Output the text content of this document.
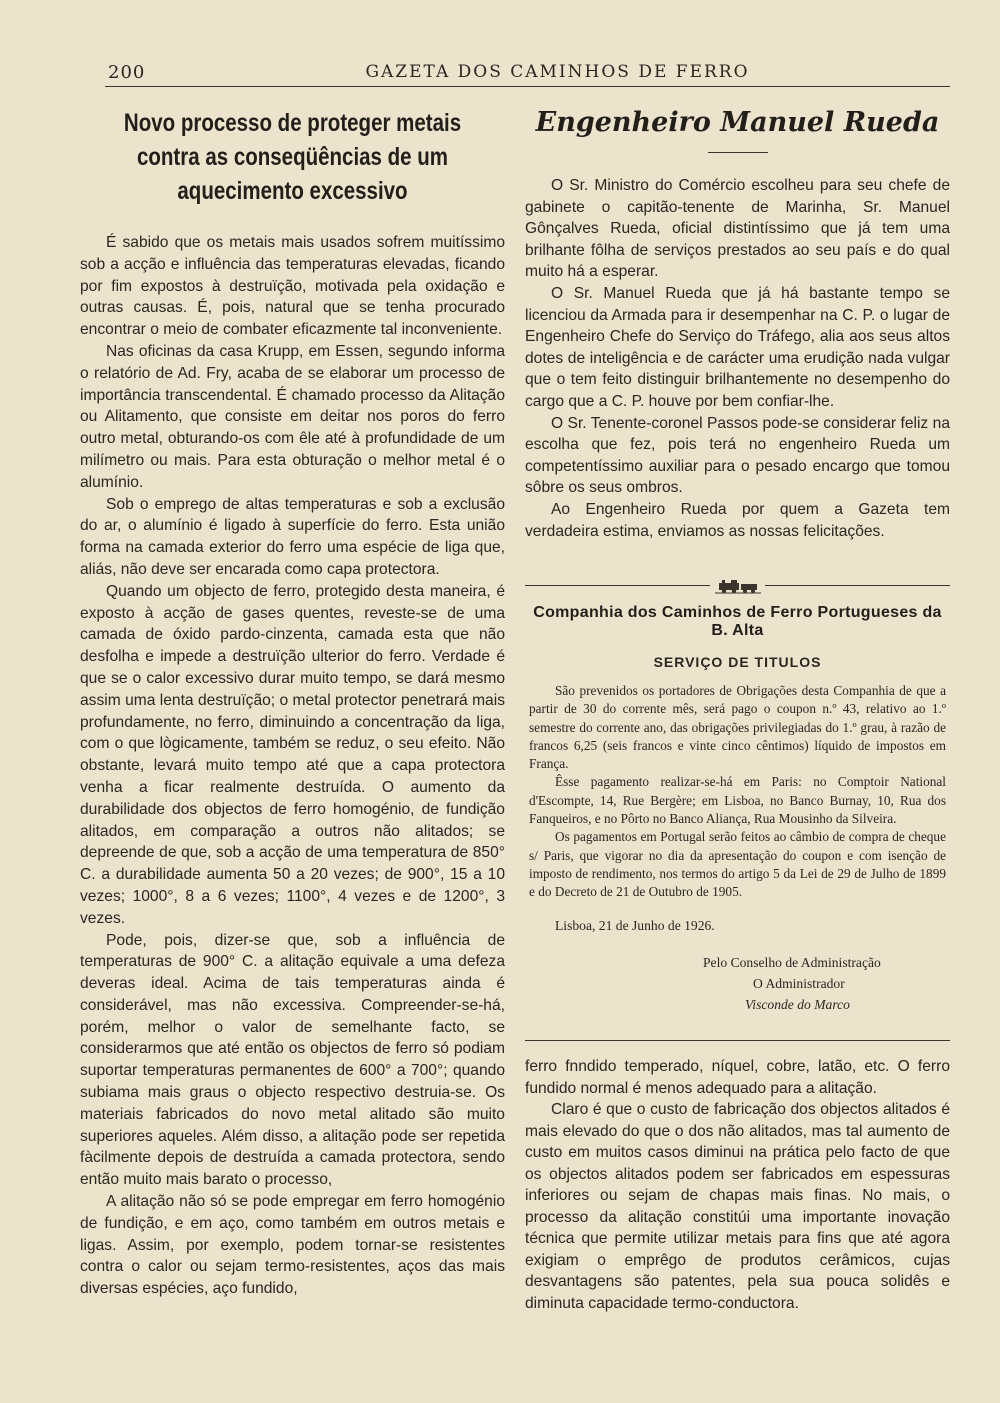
200	GAZETA DOS CAMINHOS DE FERRO
Novo processo de proteger metais contra as conseqüências de um aquecimento excessivo

É sabido que os metais mais usados sofrem muitíssimo sob a acção e influência das temperaturas elevadas, ficando por fim expostos à destruïção, motivada pela oxidação e outras causas. É, pois, natural que se tenha procurado encontrar o meio de combater eficazmente tal inconveniente.

Nas oficinas da casa Krupp, em Essen, segundo informa o relatório de Ad. Fry, acaba de se elaborar um processo de importância transcendental. É chamado processo da Alitação ou Alitamento, que consiste em deitar nos poros do ferro outro metal, obturando-os com êle até à profundidade de um milímetro ou mais. Para esta obturação o melhor metal é o alumínio.

Sob o emprego de altas temperaturas e sob a exclusão do ar, o alumínio é ligado à superfície do ferro. Esta união forma na camada exterior do ferro uma espécie de liga que, aliás, não deve ser encarada como capa protectora.

Quando um objecto de ferro, protegido desta maneira, é exposto à acção de gases quentes, reveste-se de uma camada de óxido pardo-cinzenta, camada esta que não desfolha e impede a destruïção ulterior do ferro. Verdade é que se o calor excessivo durar muito tempo, se dará mesmo assim uma lenta destruïção; o metal protector penetrará mais profundamente, no ferro, diminuindo a concentração da liga, com o que lògicamente, também se reduz, o seu efeito. Não obstante, levará muito tempo até que a capa protectora venha a ficar realmente destruída. O aumento da durabilidade dos objectos de ferro homogénio, de fundição alitados, em comparação a outros não alitados; se depreende de que, sob a acção de uma temperatura de 850° C. a durabilidade aumenta 50 a 20 vezes; de 900°, 15 a 10 vezes; 1000°, 8 a 6 vezes; 1100°, 4 vezes e de 1200°, 3 vezes.

Pode, pois, dizer-se que, sob a influência de temperaturas de 900° C. a alitação equivale a uma defeza deveras ideal. Acima de tais temperaturas ainda é considerável, mas não excessiva. Compreender-se-há, porém, melhor o valor de semelhante facto, se considerarmos que até então os objectos de ferro só podiam suportar temperaturas permanentes de 600° a 700°; quando subiama mais graus o objecto respectivo destruia-se. Os materiais fabricados do novo metal alitado são muito superiores aqueles. Além disso, a alitação pode ser repetida fàcilmente depois de destruída a camada protectora, sendo então muito mais barato o processo,

A alitação não só se pode empregar em ferro homogénio de fundição, e em aço, como também em outros metais e ligas. Assim, por exemplo, podem tornar-se resistentes contra o calor ou sejam termo-resistentes, aços das mais diversas espécies, aço fundido,

Engenheiro Manuel Rueda

O Sr. Ministro do Comércio escolheu para seu chefe de gabinete o capitão-tenente de Marinha, Sr. Manuel Gônçalves Rueda, oficial distintíssimo que já tem uma brilhante fôlha de serviços prestados ao seu país e do qual muito há a esperar.

O Sr. Manuel Rueda que já há bastante tempo se licenciou da Armada para ir desempenhar na C. P. o lugar de Engenheiro Chefe do Serviço do Tráfego, alia aos seus altos dotes de inteligência e de carácter uma erudição nada vulgar que o tem feito distinguir brilhantemente no desempenho do cargo que a C. P. houve por bem confiar-lhe.

O Sr. Tenente-coronel Passos pode-se considerar feliz na escolha que fez, pois terá no engenheiro Rueda um competentíssimo auxiliar para o pesado encargo que tomou sôbre os seus ombros.

Ao Engenheiro Rueda por quem a Gazeta tem verdadeira estima, enviamos as nossas felicitações.

Companhia dos Caminhos de Ferro Portugueses da B. Alta
SERVIÇO DE TITULOS

São prevenidos os portadores de Obrigações desta Companhia de que a partir de 30 do corrente mês, será pago o coupon n.º 43, relativo ao 1.º semestre do corrente ano, das obrigações privilegiadas do 1.º grau, à razão de francos 6,25 (seis francos e vinte cinco cêntimos) líquido de impostos em França.

Êsse pagamento realizar-se-há em Paris: no Comptoir National d'Escompte, 14, Rue Bergère; em Lisboa, no Banco Burnay, 10, Rua dos Fanqueiros, e no Pôrto no Banco Aliança, Rua Mousinho da Silveira.

Os pagamentos em Portugal serão feitos ao câmbio de compra de cheque s/ Paris, que vigorar no dia da apresentação do coupon e com isenção de imposto de rendimento, nos termos do artigo 5 da Lei de 29 de Julho de 1899 e do Decreto de 21 de Outubro de 1905.

Lisboa, 21 de Junho de 1926.
Pelo Conselho de Administração
O Administrador
Visconde do Marco

ferro fnndido temperado, níquel, cobre, latão, etc. O ferro fundido normal é menos adequado para a alitação.

Claro é que o custo de fabricação dos objectos alitados é mais elevado do que o dos não alitados, mas tal aumento de custo em muitos casos diminui na prática pelo facto de que os objectos alitados podem ser fabricados em espessuras inferiores ou sejam de chapas mais finas. No mais, o processo da alitação constitúi uma importante inovação técnica que permite utilizar metais para fins que até agora exigiam o emprêgo de produtos cerâmicos, cujas desvantagens são patentes, pela sua pouca solidês e diminuta capacidade termo-conductora.
